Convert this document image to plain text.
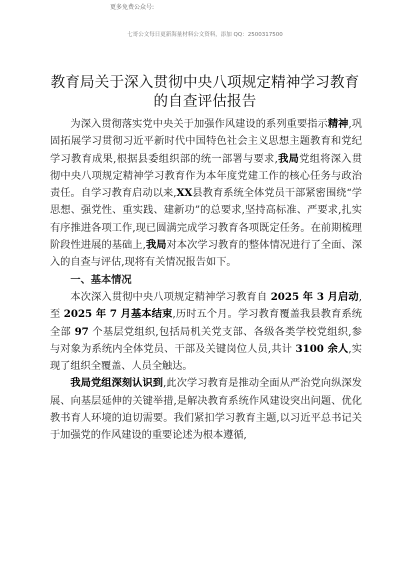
更多免费公众号:
七哥公文每日更新海量材料公文资料，添加 QQ：2500317500
教育局关于深入贯彻中央八项规定精神学习教育的自查评估报告

为深入贯彻落实党中央关于加强作风建设的系列重要指示精神,巩固拓展学习贯彻习近平新时代中国特色社会主义思想主题教育和党纪学习教育成果,根据县委组织部的统一部署与要求,我局党组将深入贯彻中央八项规定精神学习教育作为本年度党建工作的核心任务与政治责任。自学习教育启动以来,XX县教育系统全体党员干部紧密围绕“学思想、强党性、重实践、建新功”的总要求,坚持高标准、严要求,扎实有序推进各项工作,现已圆满完成学习教育各项既定任务。在前期梳理阶段性进展的基础上,我局对本次学习教育的整体情况进行了全面、深入的自查与评估,现将有关情况报告如下。

一、基本情况

本次深入贯彻中央八项规定精神学习教育自 2025 年 3 月启动,至 2025 年 7 月基本结束,历时五个月。学习教育覆盖我县教育系统全部 97 个基层党组织,包括局机关党支部、各级各类学校党组织,参与对象为系统内全体党员、干部及关键岗位人员,共计 3100 余人,实现了组织全覆盖、人员全触达。

我局党组深刻认识到,此次学习教育是推动全面从严治党向纵深发展、向基层延伸的关键举措,是解决教育系统作风建设突出问题、优化教书育人环境的迫切需要。我们紧扣学习教育主题,以习近平总书记关于加强党的作风建设的重要论述为根本遵循,
